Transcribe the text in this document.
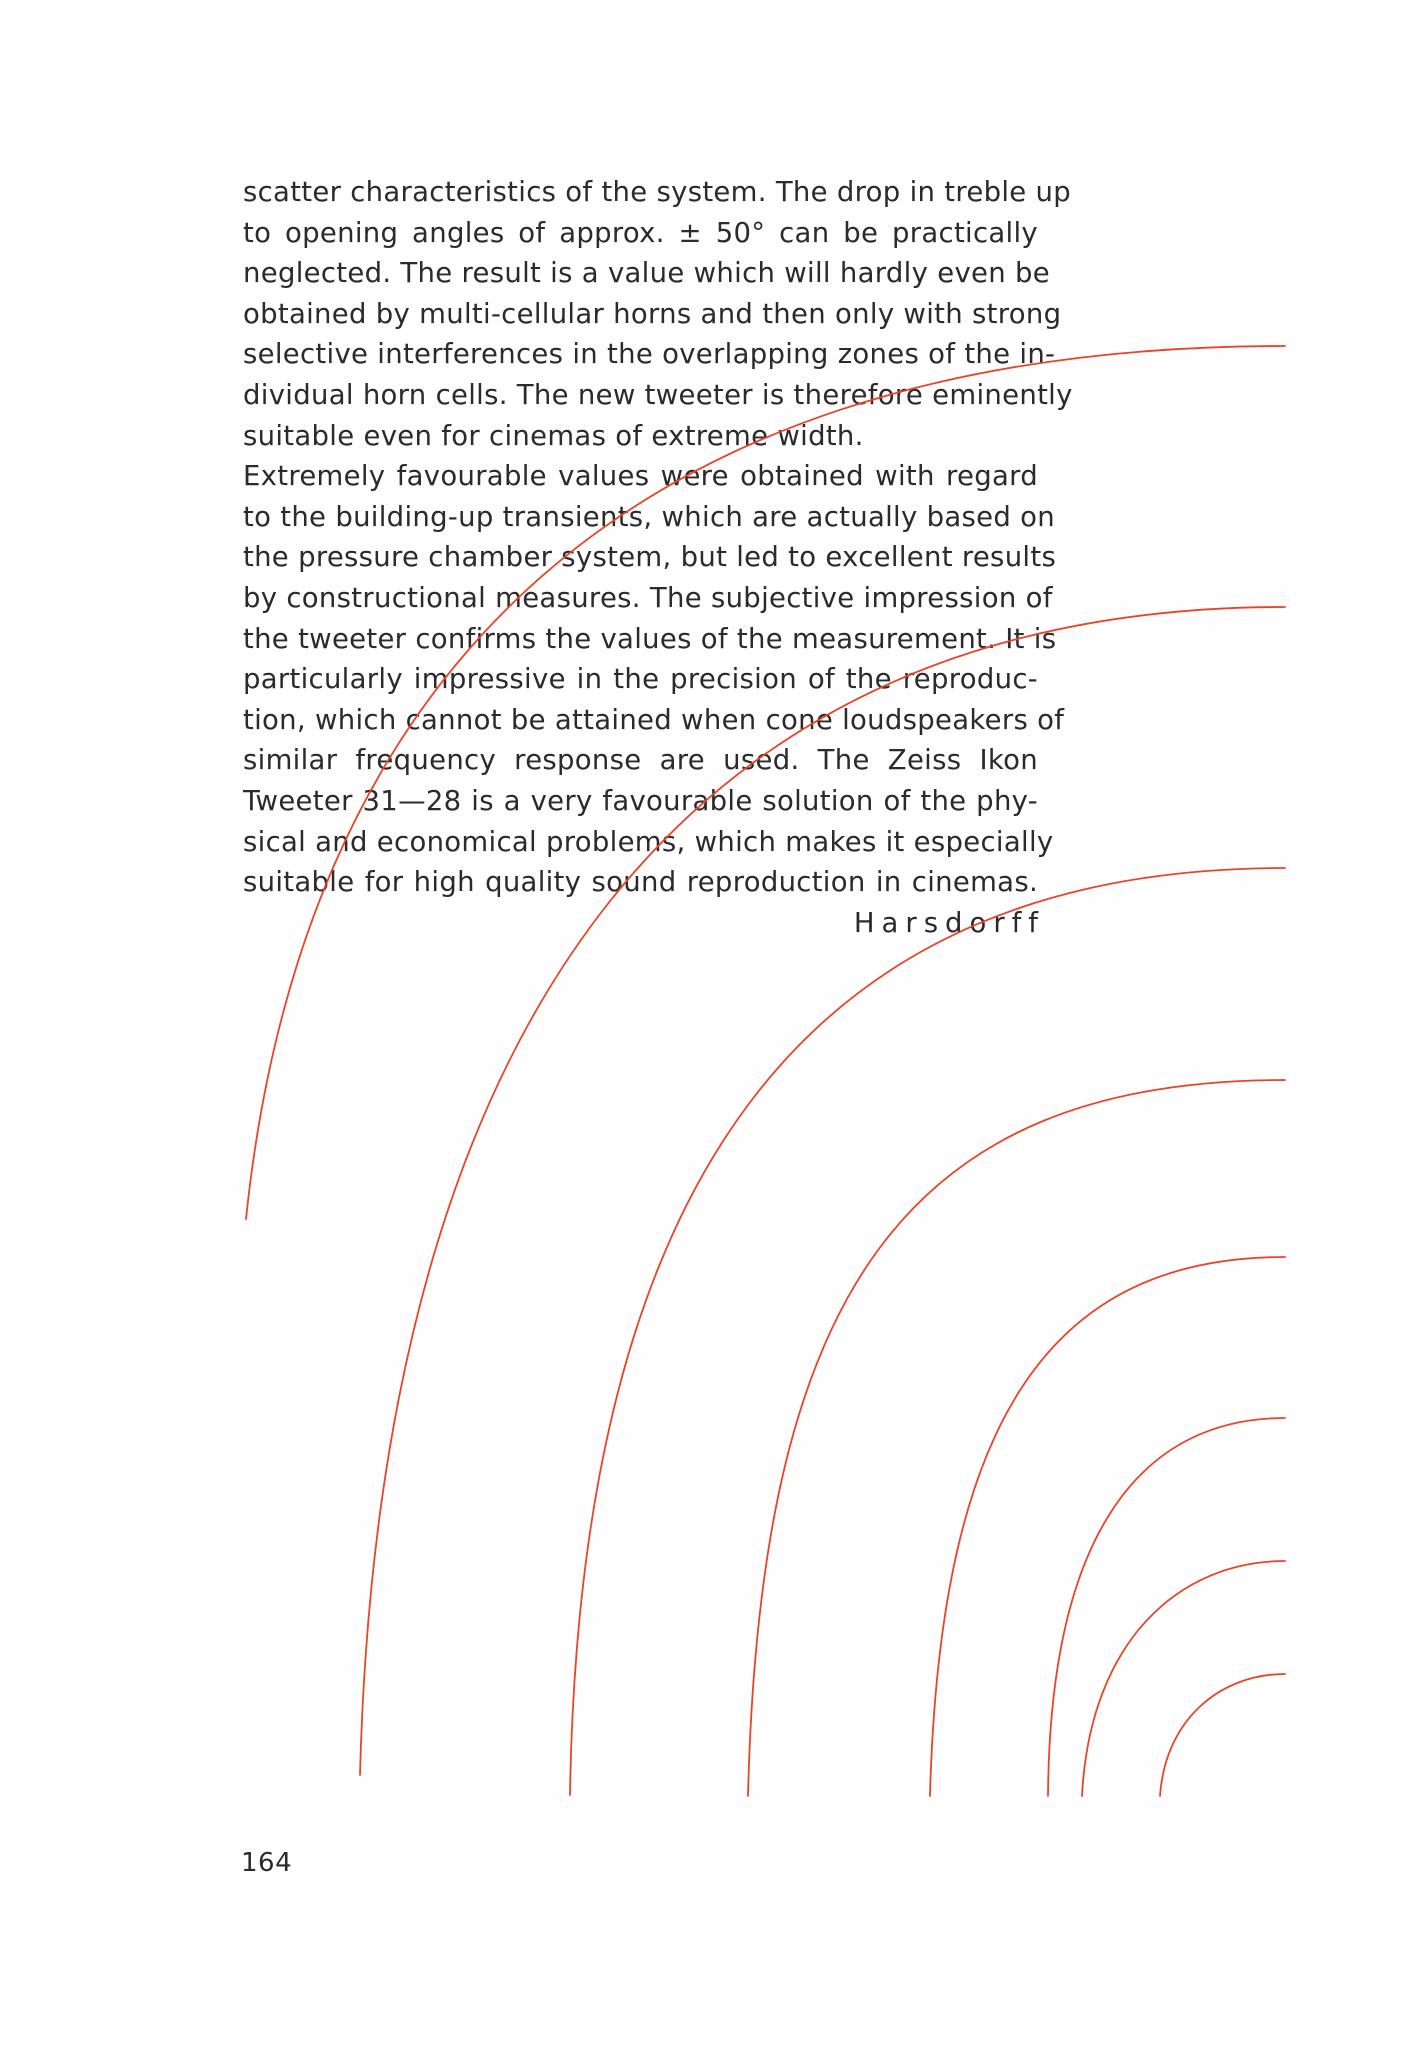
scatter characteristics of the system. The drop in treble up
to opening angles of approx. ± 50° can be practically
neglected. The result is a value which will hardly even be
obtained by multi-cellular horns and then only with strong
selective interferences in the overlapping zones of the in-
dividual horn cells. The new tweeter is therefore eminently
suitable even for cinemas of extreme width.
Extremely favourable values were obtained with regard
to the building-up transients, which are actually based on
the pressure chamber system, but led to excellent results
by constructional measures. The subjective impression of
the tweeter confirms the values of the measurement. It is
particularly impressive in the precision of the reproduc-
tion, which cannot be attained when cone loudspeakers of
similar frequency response are used. The Zeiss Ikon
Tweeter 31—28 is a very favourable solution of the phy-
sical and economical problems, which makes it especially
suitable for high quality sound reproduction in cinemas.
Harsdorff
164
